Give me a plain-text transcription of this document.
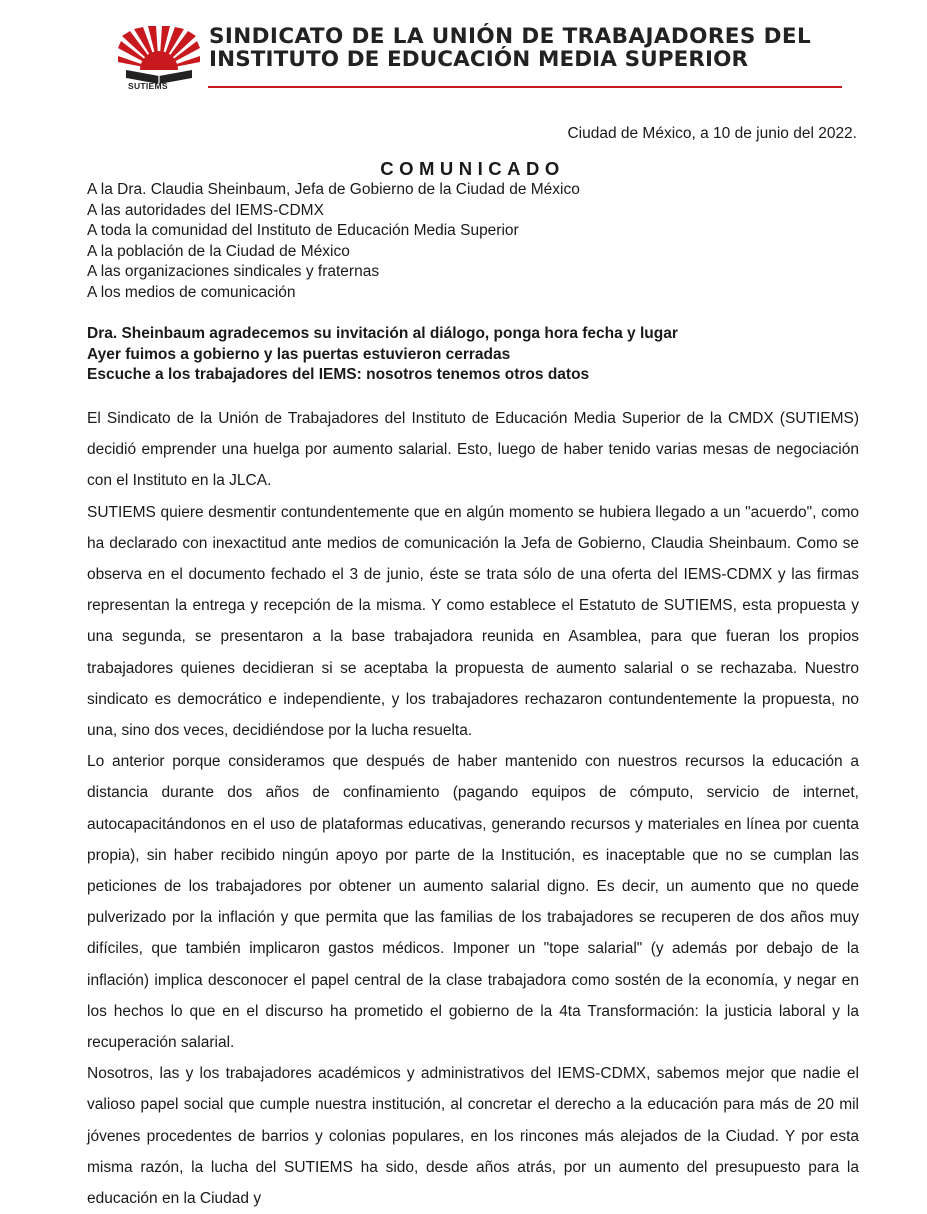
SUTIEMS
SINDICATO DE LA UNIÓN DE TRABAJADORES DEL
INSTITUTO DE EDUCACIÓN MEDIA SUPERIOR
Ciudad de México, a 10 de junio del 2022.
COMUNICADO
A la Dra. Claudia Sheinbaum, Jefa de Gobierno de la Ciudad de México
A las autoridades del IEMS-CDMX
A toda la comunidad del Instituto de Educación Media Superior
A la población de la Ciudad de México
A las organizaciones sindicales y fraternas
A los medios de comunicación
Dra. Sheinbaum agradecemos su invitación al diálogo, ponga hora fecha y lugar
Ayer fuimos a gobierno y las puertas estuvieron cerradas
Escuche a los trabajadores del IEMS: nosotros tenemos otros datos

El Sindicato de la Unión de Trabajadores del Instituto de Educación Media Superior de la CMDX (SUTIEMS) decidió emprender una huelga por aumento salarial. Esto, luego de haber tenido varias mesas de negociación con el Instituto en la JLCA.

SUTIEMS quiere desmentir contundentemente que en algún momento se hubiera llegado a un "acuerdo", como ha declarado con inexactitud ante medios de comunicación la Jefa de Gobierno, Claudia Sheinbaum. Como se observa en el documento fechado el 3 de junio, éste se trata sólo de una oferta del IEMS-CDMX y las firmas representan la entrega y recepción de la misma. Y como establece el Estatuto de SUTIEMS, esta propuesta y una segunda, se presentaron a la base trabajadora reunida en Asamblea, para que fueran los propios trabajadores quienes decidieran si se aceptaba la propuesta de aumento salarial o se rechazaba. Nuestro sindicato es democrático e independiente, y los trabajadores rechazaron contundentemente la propuesta, no una, sino dos veces, decidiéndose por la lucha resuelta.

Lo anterior porque consideramos que después de haber mantenido con nuestros recursos la educación a distancia durante dos años de confinamiento (pagando equipos de cómputo, servicio de internet, autocapacitándonos en el uso de plataformas educativas, generando recursos y materiales en línea por cuenta propia), sin haber recibido ningún apoyo por parte de la Institución, es inaceptable que no se cumplan las peticiones de los trabajadores por obtener un aumento salarial digno. Es decir, un aumento que no quede pulverizado por la inflación y que permita que las familias de los trabajadores se recuperen de dos años muy difíciles, que también implicaron gastos médicos. Imponer un "tope salarial" (y además por debajo de la inflación) implica desconocer el papel central de la clase trabajadora como sostén de la economía, y negar en los hechos lo que en el discurso ha prometido el gobierno de la 4ta Transformación: la justicia laboral y la recuperación salarial.

Nosotros, las y los trabajadores académicos y administrativos del IEMS-CDMX, sabemos mejor que nadie el valioso papel social que cumple nuestra institución, al concretar el derecho a la educación para más de 20 mil jóvenes procedentes de barrios y colonias populares, en los rincones más alejados de la Ciudad. Y por esta misma razón, la lucha del SUTIEMS ha sido, desde años atrás, por un aumento del presupuesto para la educación en la Ciudad y
